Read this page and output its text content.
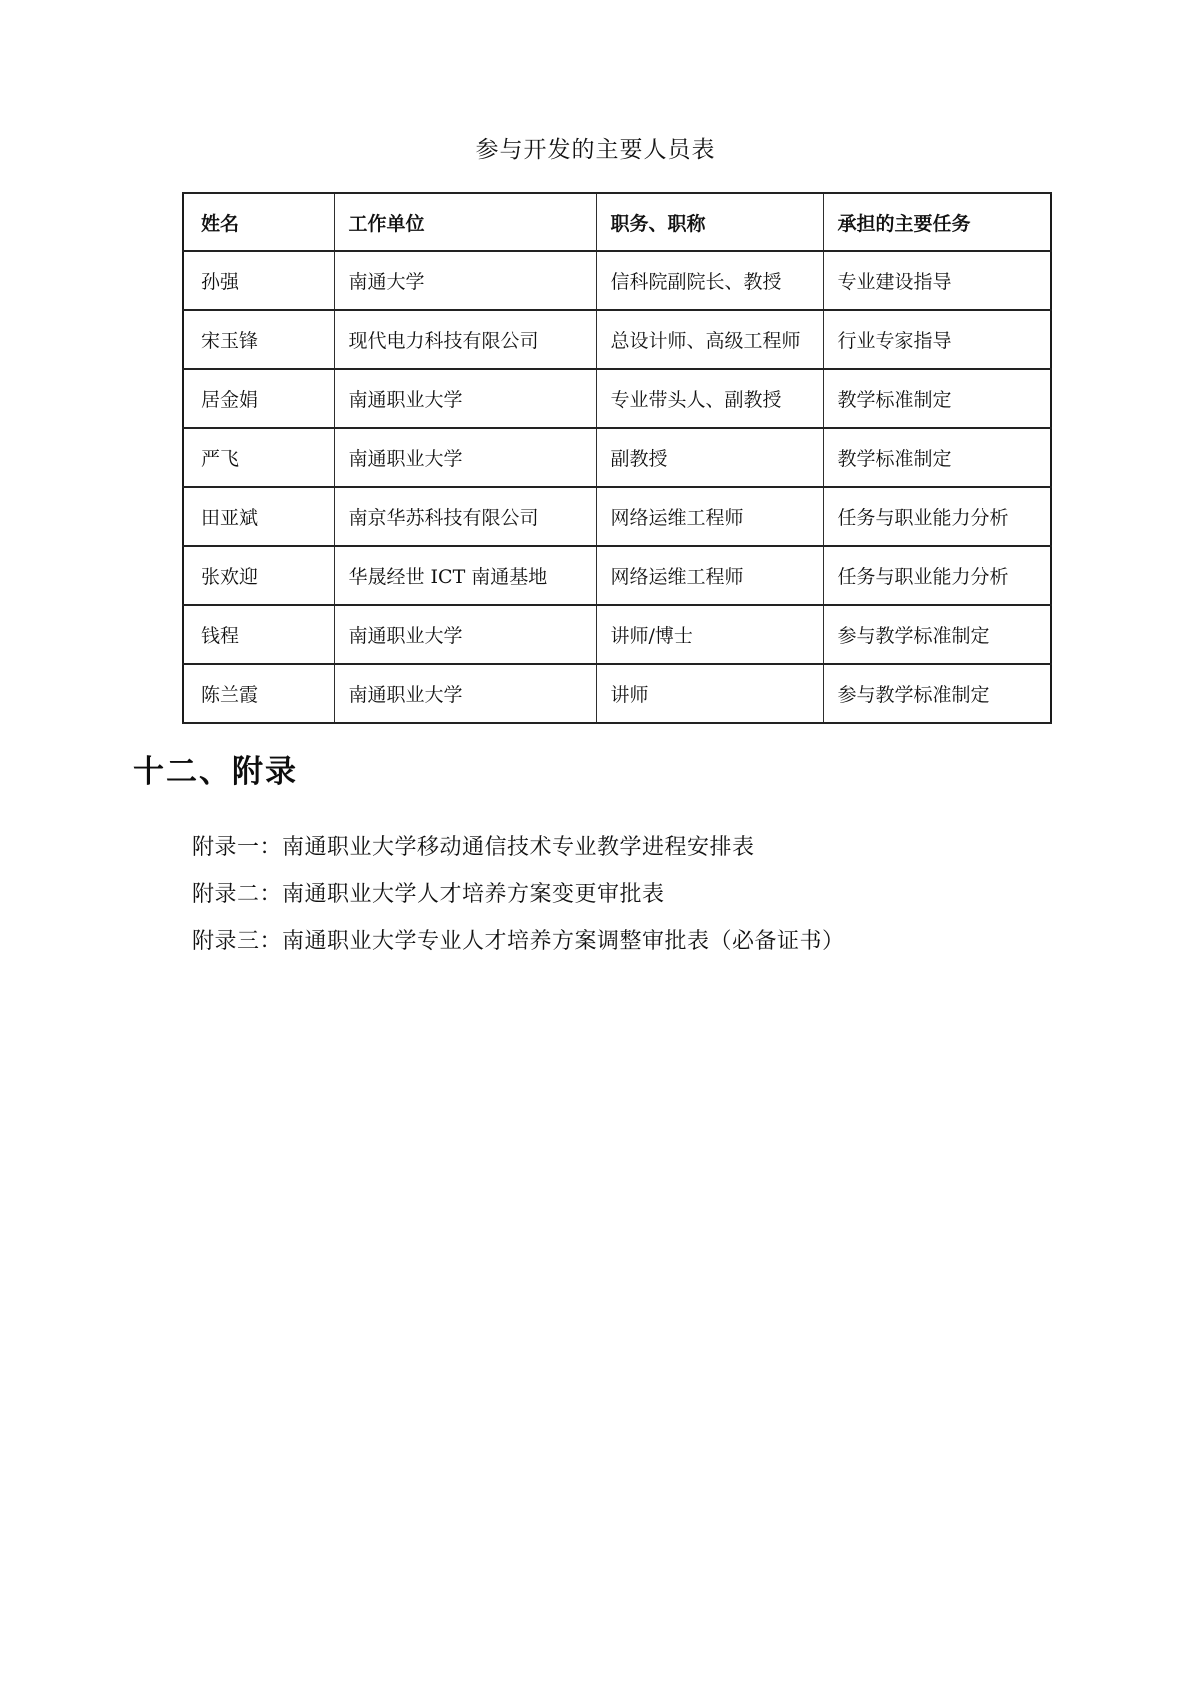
参与开发的主要人员表
姓名	工作单位	职务、职称	承担的主要任务
孙强	南通大学	信科院副院长、教授	专业建设指导
宋玉锋	现代电力科技有限公司	总设计师、高级工程师	行业专家指导
居金娟	南通职业大学	专业带头人、副教授	教学标准制定
严飞	南通职业大学	副教授	教学标准制定
田亚斌	南京华苏科技有限公司	网络运维工程师	任务与职业能力分析
张欢迎	华晟经世 ICT 南通基地	网络运维工程师	任务与职业能力分析
钱程	南通职业大学	讲师/博士	参与教学标准制定
陈兰霞	南通职业大学	讲师	参与教学标准制定
十二、附录
附录一：南通职业大学移动通信技术专业教学进程安排表
附录二：南通职业大学人才培养方案变更审批表
附录三：南通职业大学专业人才培养方案调整审批表（必备证书）
